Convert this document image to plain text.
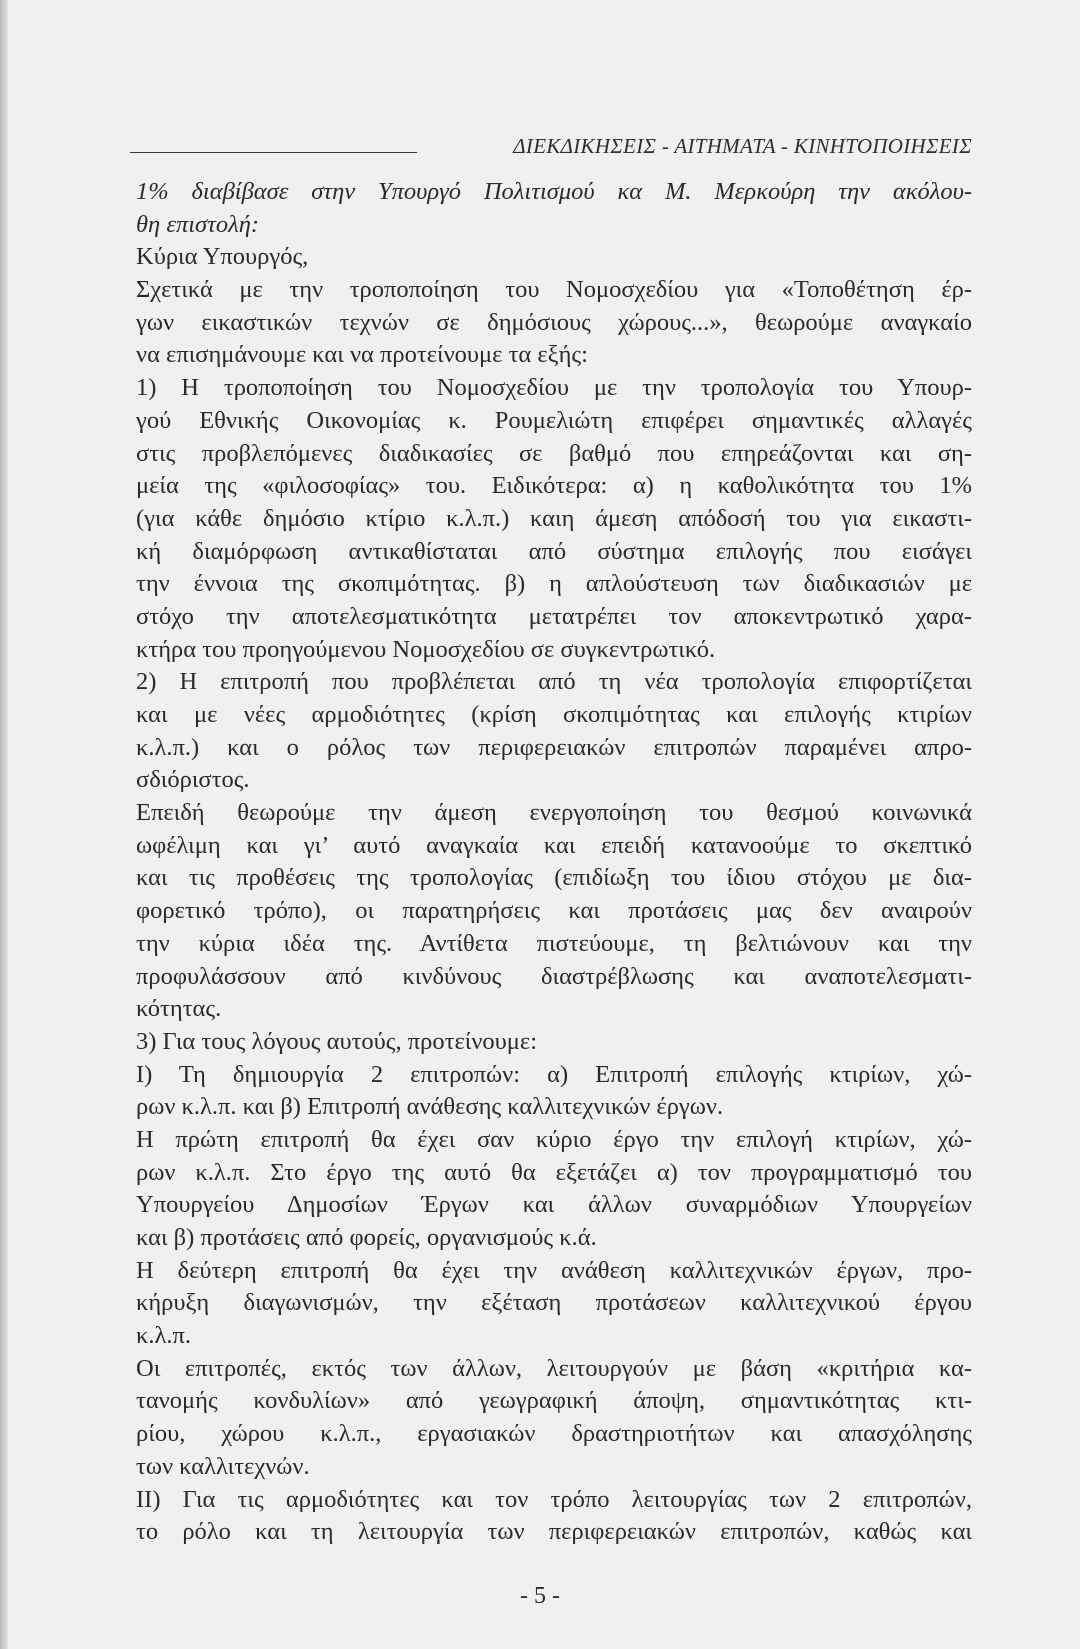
ΔΙΕΚΔΙΚΗΣΕΙΣ - ΑΙΤΗΜΑΤΑ - ΚΙΝΗΤΟΠΟΙΗΣΕΙΣ
1% διαβίβασε στην Υπουργό Πολιτισμού κα Μ. Μερκούρη την ακόλου-
θη επιστολή:
Κύρια Υπουργός,
Σχετικά με την τροποποίηση του Νομοσχεδίου για «Τοποθέτηση έρ-
γων εικαστικών τεχνών σε δημόσιους χώρους...», θεωρούμε αναγκαίο
να επισημάνουμε και να προτείνουμε τα εξής:
1) Η τροποποίηση του Νομοσχεδίου με την τροπολογία του Υπουρ-
γού Εθνικής Οικονομίας κ. Ρουμελιώτη επιφέρει σημαντικές αλλαγές
στις προβλεπόμενες διαδικασίες σε βαθμό που επηρεάζονται και ση-
μεία της «φιλοσοφίας» του. Ειδικότερα: α) η καθολικότητα του 1%
(για κάθε δημόσιο κτίριο κ.λ.π.) καιη άμεση απόδοσή του για εικαστι-
κή διαμόρφωση αντικαθίσταται από σύστημα επιλογής που εισάγει
την έννοια της σκοπιμότητας. β) η απλούστευση των διαδικασιών με
στόχο την αποτελεσματικότητα μετατρέπει τον αποκεντρωτικό χαρα-
κτήρα του προηγούμενου Νομοσχεδίου σε συγκεντρωτικό.
2) Η επιτροπή που προβλέπεται από τη νέα τροπολογία επιφορτίζεται
και με νέες αρμοδιότητες (κρίση σκοπιμότητας και επιλογής κτιρίων
κ.λ.π.) και ο ρόλος των περιφερειακών επιτροπών παραμένει απρο-
σδιόριστος.
Επειδή θεωρούμε την άμεση ενεργοποίηση του θεσμού κοινωνικά
ωφέλιμη και γι’ αυτό αναγκαία και επειδή κατανοούμε το σκεπτικό
και τις προθέσεις της τροπολογίας (επιδίωξη του ίδιου στόχου με δια-
φορετικό τρόπο), οι παρατηρήσεις και προτάσεις μας δεν αναιρούν
την κύρια ιδέα της. Αντίθετα πιστεύουμε, τη βελτιώνουν και την
προφυλάσσουν από κινδύνους διαστρέβλωσης και αναποτελεσματι-
κότητας.
3) Για τους λόγους αυτούς, προτείνουμε:
Ι) Τη δημιουργία 2 επιτροπών: α) Επιτροπή επιλογής κτιρίων, χώ-
ρων κ.λ.π. και β) Επιτροπή ανάθεσης καλλιτεχνικών έργων.
Η πρώτη επιτροπή θα έχει σαν κύριο έργο την επιλογή κτιρίων, χώ-
ρων κ.λ.π. Στο έργο της αυτό θα εξετάζει α) τον προγραμματισμό του
Υπουργείου Δημοσίων Έργων και άλλων συναρμόδιων Υπουργείων
και β) προτάσεις από φορείς, οργανισμούς κ.ά.
Η δεύτερη επιτροπή θα έχει την ανάθεση καλλιτεχνικών έργων, προ-
κήρυξη διαγωνισμών, την εξέταση προτάσεων καλλιτεχνικού έργου
κ.λ.π.
Οι επιτροπές, εκτός των άλλων, λειτουργούν με βάση «κριτήρια κα-
τανομής κονδυλίων» από γεωγραφική άποψη, σημαντικότητας κτι-
ρίου, χώρου κ.λ.π., εργασιακών δραστηριοτήτων και απασχόλησης
των καλλιτεχνών.
ΙΙ) Για τις αρμοδιότητες και τον τρόπο λειτουργίας των 2 επιτροπών,
το ρόλο και τη λειτουργία των περιφερειακών επιτροπών, καθώς και
- 5 -
